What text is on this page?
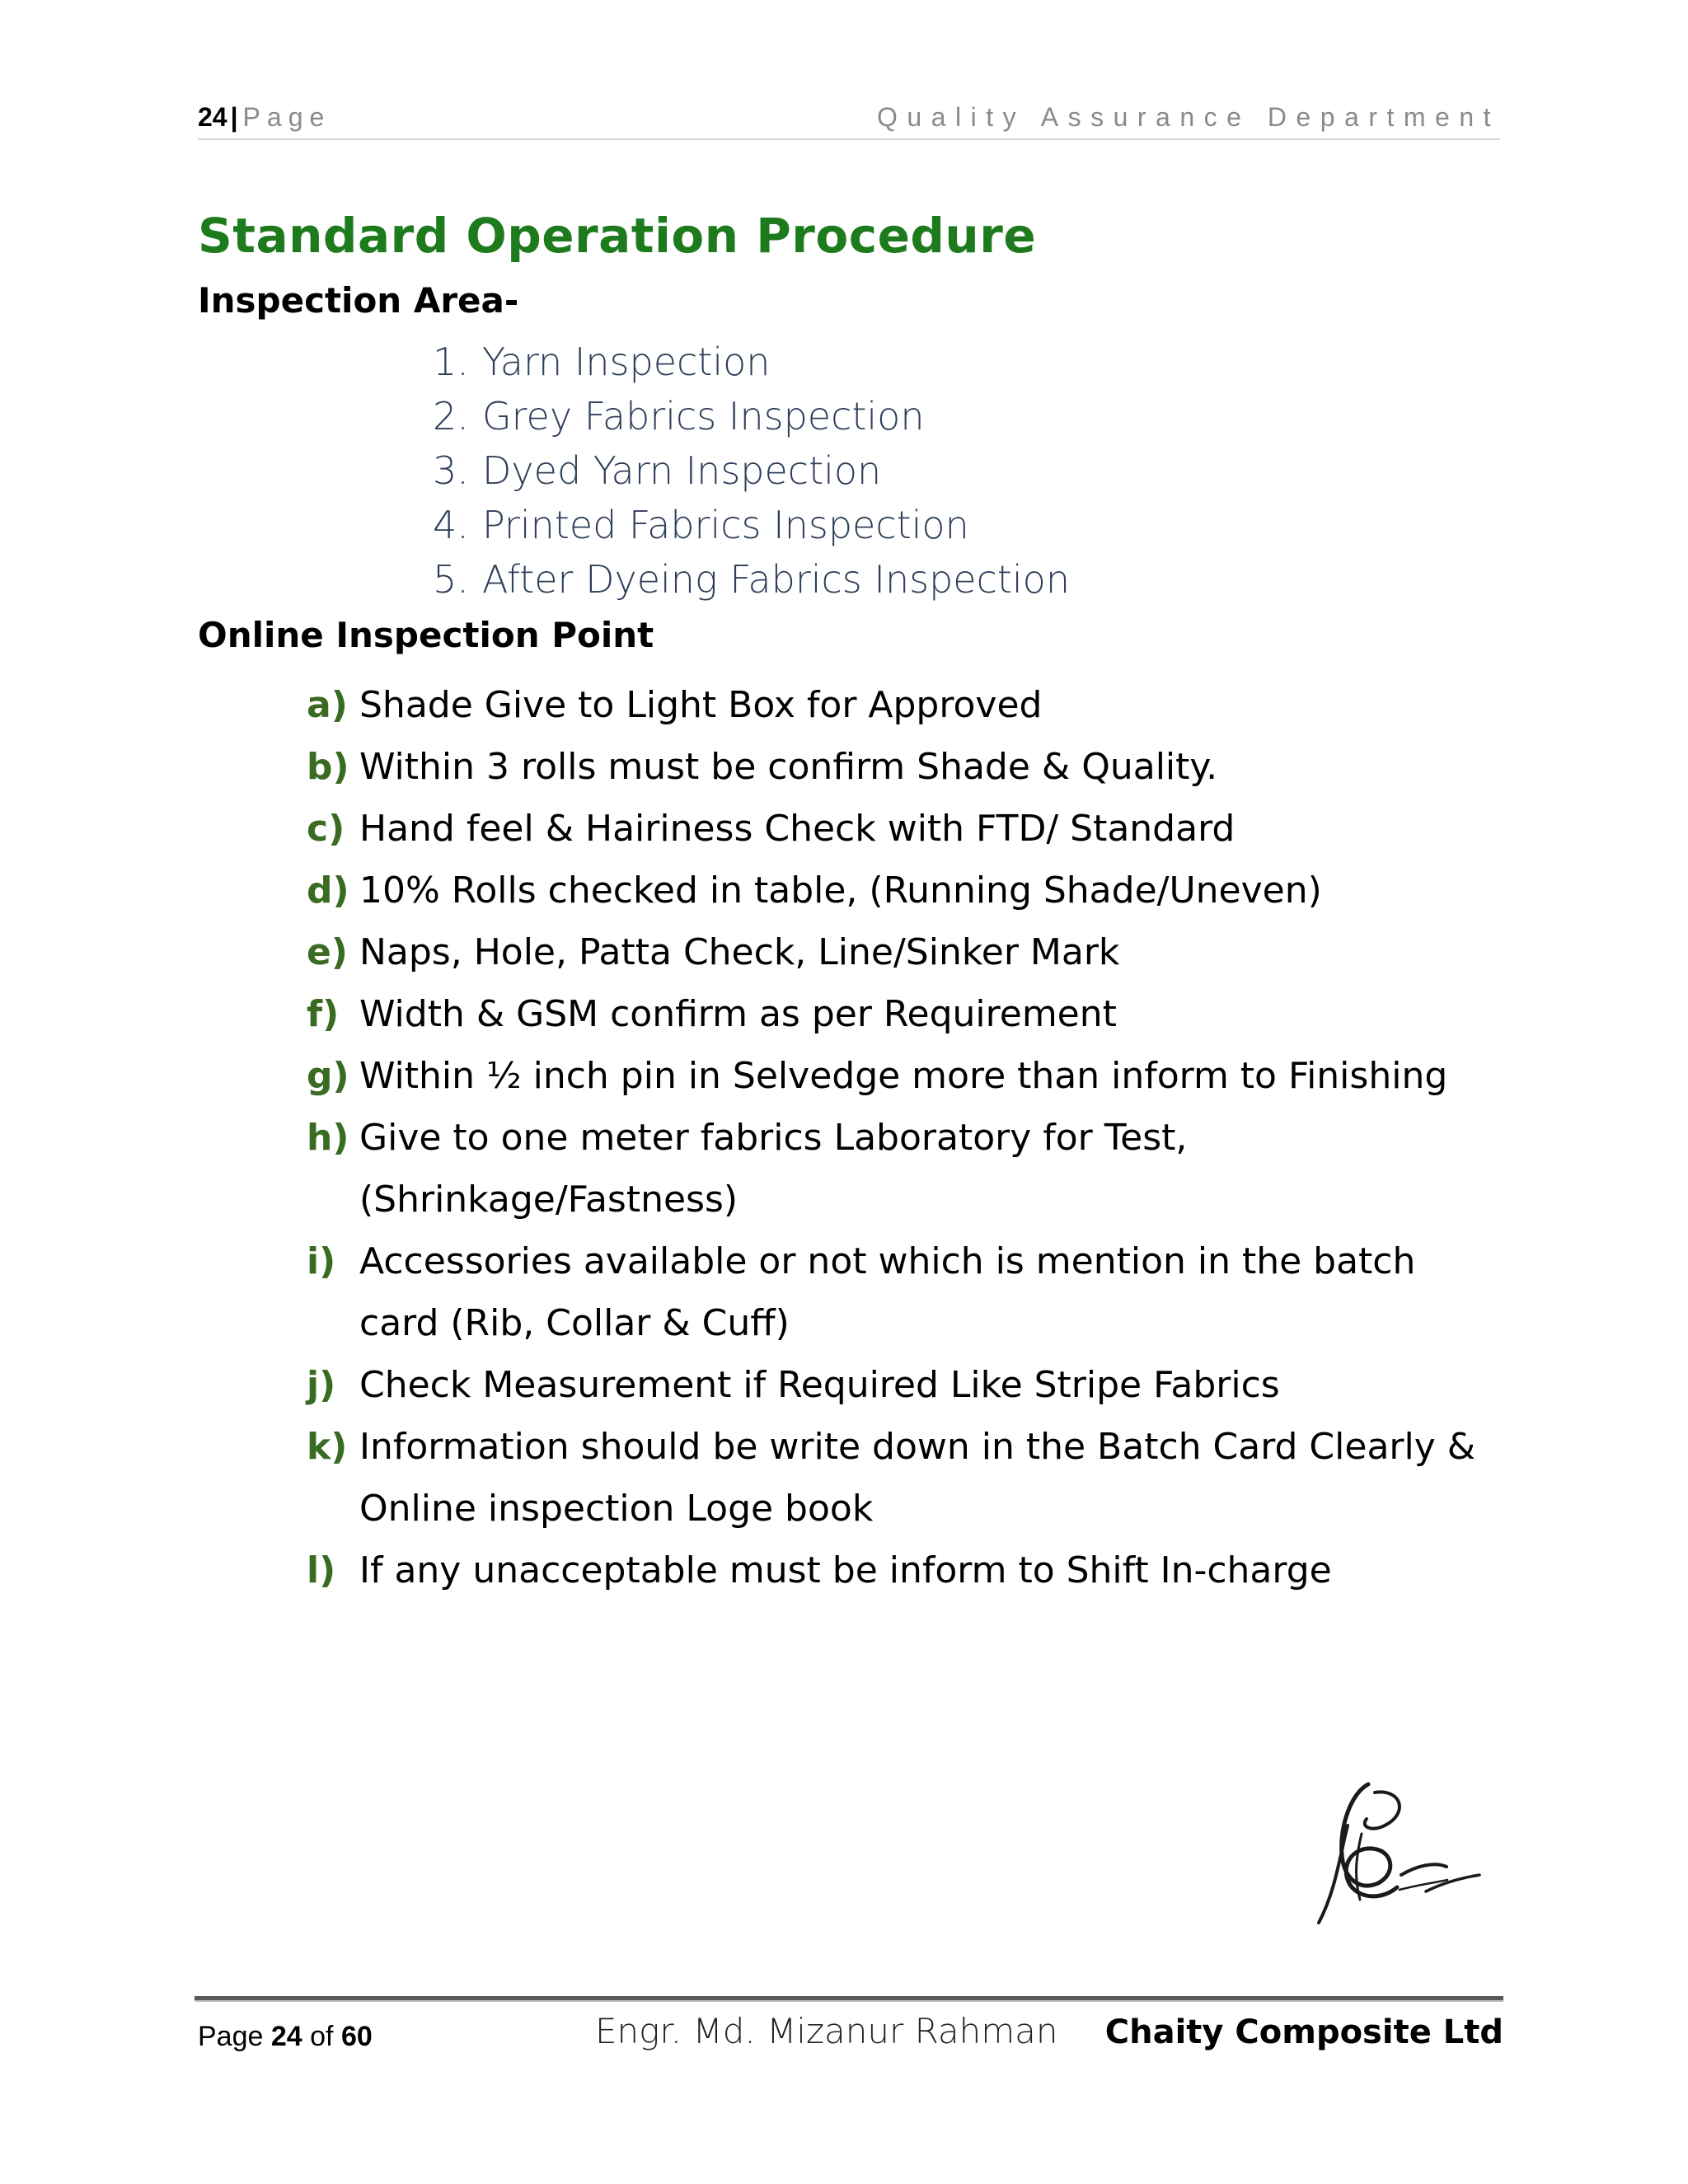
24 | Page	Quality Assurance Department
Standard Operation Procedure
Inspection Area-
1. Yarn Inspection
2. Grey Fabrics Inspection
3. Dyed Yarn Inspection
4. Printed Fabrics Inspection
5. After Dyeing Fabrics Inspection
Online Inspection Point
a) Shade Give to Light Box for Approved
b) Within 3 rolls must be confirm Shade & Quality.
c) Hand feel & Hairiness Check with FTD/ Standard
d) 10% Rolls checked in table, (Running Shade/Uneven)
e) Naps, Hole, Patta Check, Line/Sinker Mark
f) Width & GSM confirm as per Requirement
g) Within ½ inch pin in Selvedge more than inform to Finishing
h) Give to one meter fabrics Laboratory for Test,
(Shrinkage/Fastness)
i) Accessories available or not which is mention in the batch
card (Rib, Collar & Cuff)
j) Check Measurement if Required Like Stripe Fabrics
k) Information should be write down in the Batch Card Clearly &
Online inspection Loge book
l) If any unacceptable must be inform to Shift In-charge
Page 24 of 60	Engr. Md. Mizanur Rahman Chaity Composite Ltd
